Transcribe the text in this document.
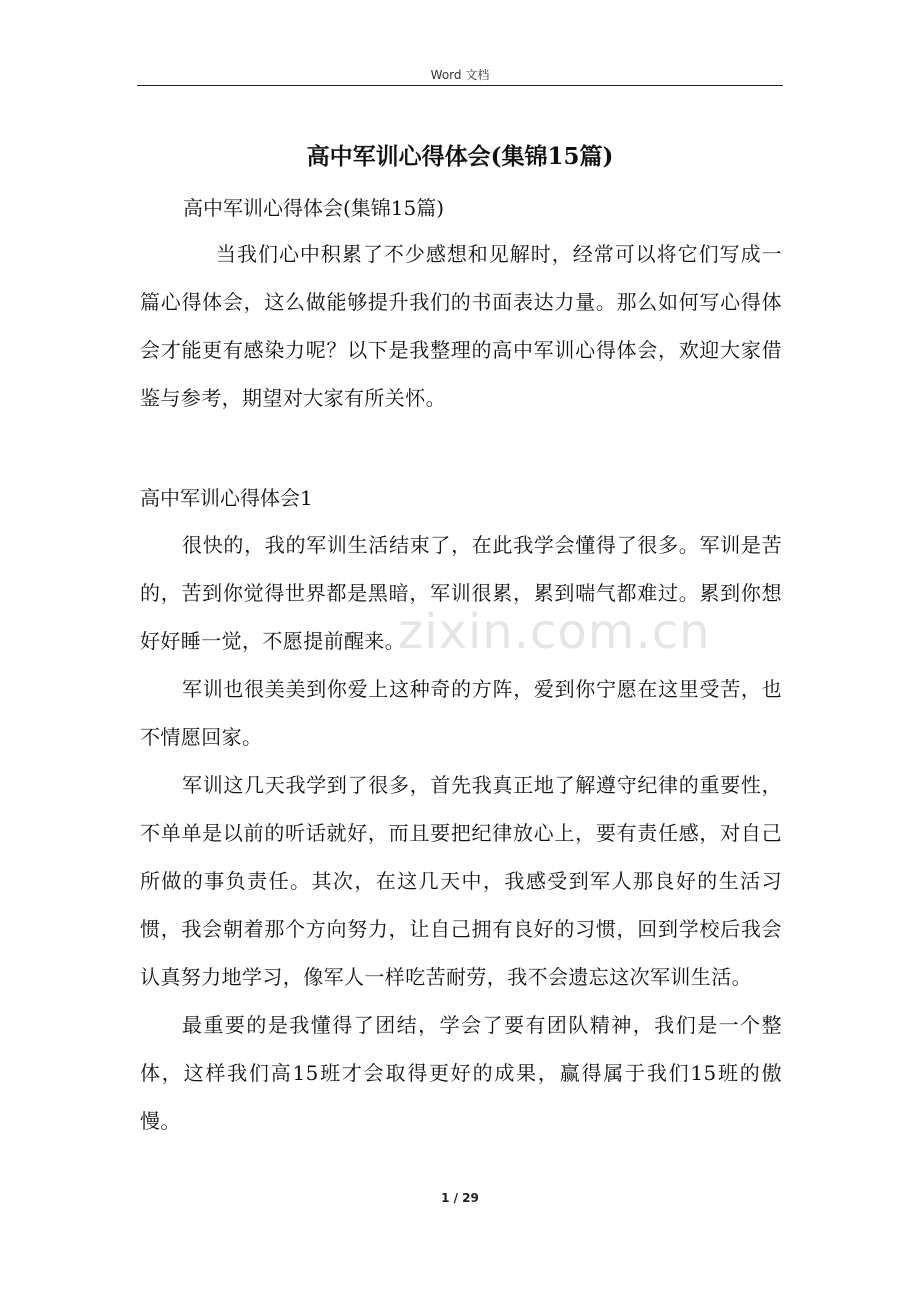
Word 文档
高中军训心得体会(集锦15篇)
高中军训心得体会(集锦15篇)

当我们心中积累了不少感想和见解时，经常可以将它们写成一篇心得体会，这么做能够提升我们的书面表达力量。那么如何写心得体会才能更有感染力呢？以下是我整理的高中军训心得体会，欢迎大家借鉴与参考，期望对大家有所关怀。

高中军训心得体会1

很快的，我的军训生活结束了，在此我学会懂得了很多。军训是苦的，苦到你觉得世界都是黑暗，军训很累，累到喘气都难过。累到你想好好睡一觉，不愿提前醒来。

军训也很美美到你爱上这种奇的方阵，爱到你宁愿在这里受苦，也不情愿回家。

军训这几天我学到了很多，首先我真正地了解遵守纪律的重要性，不单单是以前的听话就好，而且要把纪律放心上，要有责任感，对自己所做的事负责任。其次，在这几天中，我感受到军人那良好的生活习惯，我会朝着那个方向努力，让自己拥有良好的习惯，回到学校后我会认真努力地学习，像军人一样吃苦耐劳，我不会遗忘这次军训生活。

最重要的是我懂得了团结，学会了要有团队精神，我们是一个整体，这样我们高15班才会取得更好的成果，赢得属于我们15班的傲慢。

zixin.com.cn
1 / 29
